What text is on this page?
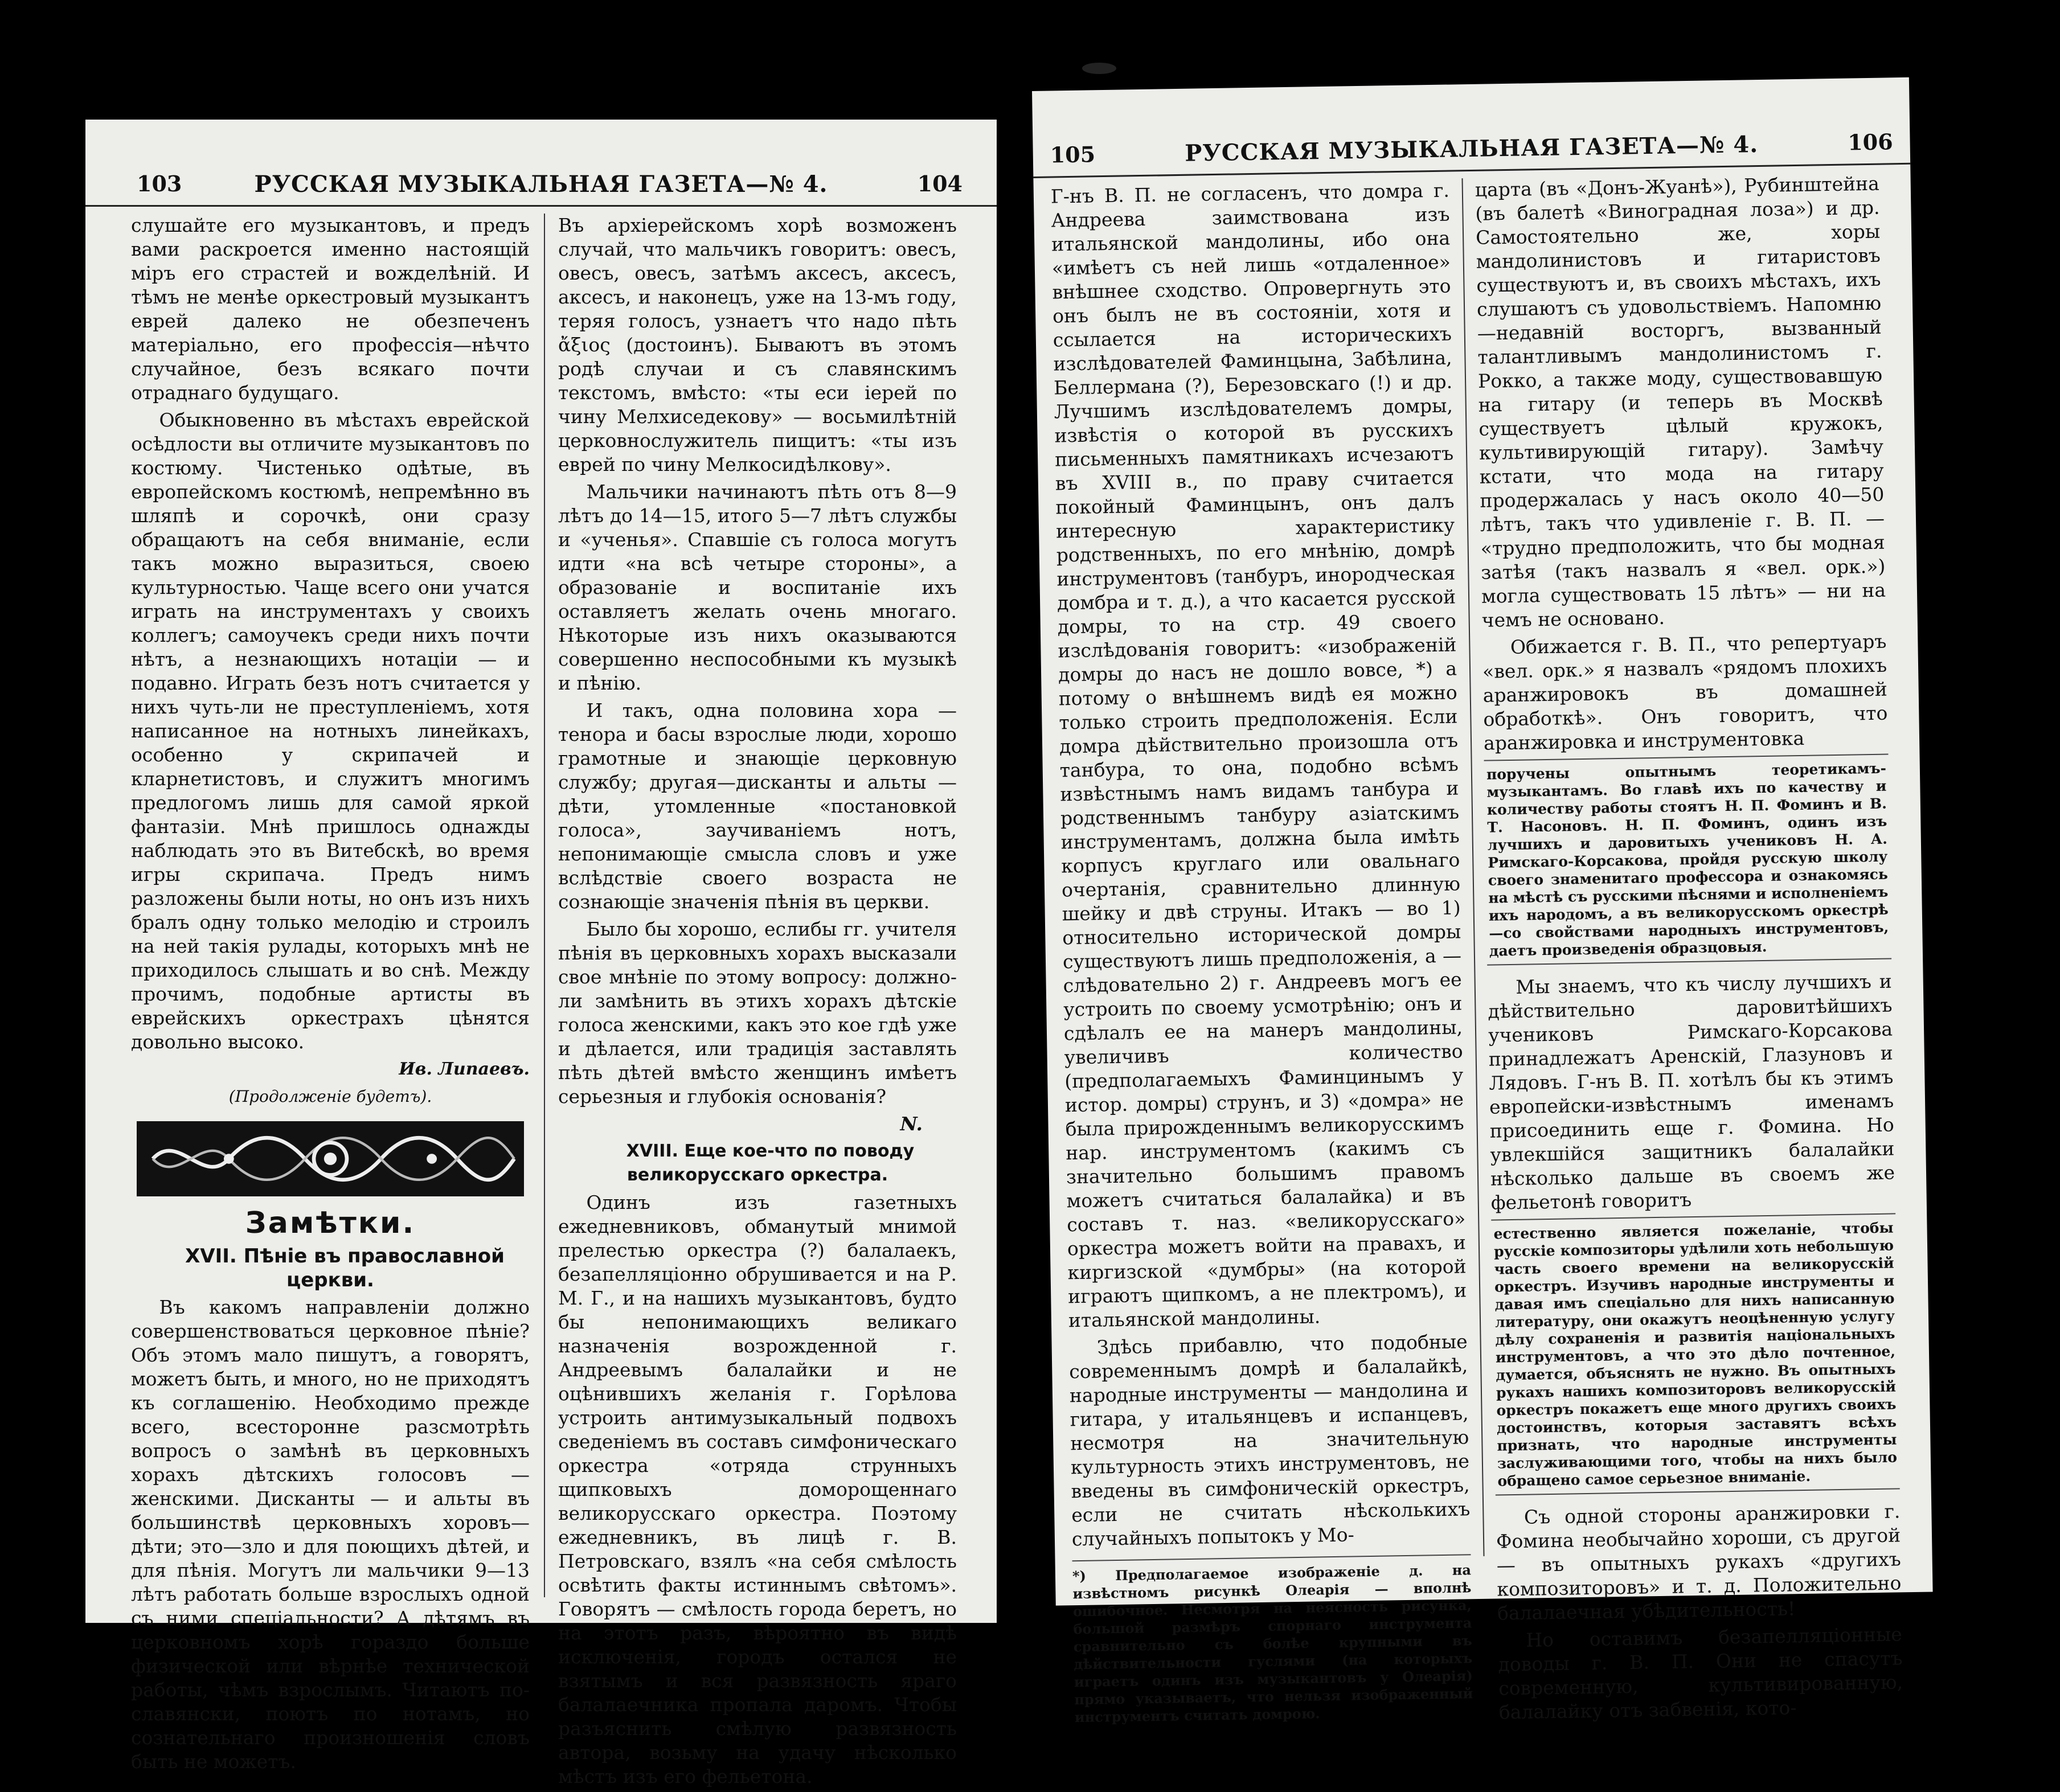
103	РУССКАЯ МУЗЫКАЛЬНАЯ ГАЗЕТА—№ 4.	104

слушайте его музыкантовъ, и предъ вами раскроется именно настоящій міръ его страстей и вожделѣній. И тѣмъ не менѣе оркестровый музыкантъ еврей далеко не обезпеченъ матеріально, его профессія—нѣчто случайное, безъ всякаго почти отраднаго будущаго.

Обыкновенно въ мѣстахъ еврейской осѣдлости вы отличите музыкантовъ по костюму. Чистенько одѣтые, въ европейскомъ костюмѣ, непремѣнно въ шляпѣ и сорочкѣ, они сразу обращаютъ на себя вниманіе, если такъ можно выразиться, своею культурностью. Чаще всего они учатся играть на инструментахъ у своихъ коллегъ; самоучекъ среди нихъ почти нѣтъ, а незнающихъ нотаціи — и подавно. Играть безъ нотъ считается у нихъ чуть-ли не преступленіемъ, хотя написанное на нотныхъ линейкахъ, особенно у скрипачей и кларнетистовъ, и служитъ многимъ предлогомъ лишь для самой яркой фантазіи. Мнѣ пришлось однажды наблюдать это въ Витебскѣ, во время игры скрипача. Предъ нимъ разложены были ноты, но онъ изъ нихъ бралъ одну только мелодію и строилъ на ней такія рулады, которыхъ мнѣ не приходилось слышать и во снѣ. Между прочимъ, подобные артисты въ еврейскихъ оркестрахъ цѣнятся довольно высоко.

Ив. Липаевъ.

(Продолженіе будетъ).
Замѣтки.

XVII. Пѣніе въ православной церкви.

Въ какомъ направленіи должно совершенствоваться церковное пѣніе? Объ этомъ мало пишутъ, а говорятъ, можетъ быть, и много, но не приходятъ къ соглашенію. Необходимо прежде всего, всесторонне разсмотрѣть вопросъ о замѣнѣ въ церковныхъ хорахъ дѣтскихъ голосовъ — женскими. Дисканты — и альты въ большинствѣ церковныхъ хоровъ—дѣти; это—зло и для поющихъ дѣтей, и для пѣнія. Могутъ ли мальчики 9—13 лѣтъ работать больше взрослыхъ одной съ ними спеціальности? А дѣтямъ въ церковномъ хорѣ гораздо больше физической или вѣрнѣе технической работы, чѣмъ взрослымъ. Читаютъ по-славянски, поютъ по нотамъ, но сознательнаго произношенія словъ быть не можетъ.

Въ архіерейскомъ хорѣ возможенъ случай, что мальчикъ говоритъ: овесъ, овесъ, овесъ, затѣмъ аксесъ, аксесъ, аксесъ, и наконецъ, уже на 13-мъ году, теряя голосъ, узнаетъ что надо пѣть ἄξιος (достоинъ). Бываютъ въ этомъ родѣ случаи и съ славянскимъ текстомъ, вмѣсто: «ты еси іерей по чину Мелхиседекову» — восьмилѣтній церковнослужитель пищитъ: «ты изъ еврей по чину Мелкосидѣлкову».

Мальчики начинаютъ пѣть отъ 8—9 лѣтъ до 14—15, итого 5—7 лѣтъ службы и «ученья». Спавшіе съ голоса могутъ идти «на всѣ четыре стороны», а образованіе и воспитаніе ихъ оставляетъ желать очень многаго. Нѣкоторые изъ нихъ оказываются совершенно неспособными къ музыкѣ и пѣнію.

И такъ, одна половина хора — тенора и басы взрослые люди, хорошо грамотные и знающіе церковную службу; другая—дисканты и альты — дѣти, утомленные «постановкой голоса», заучиваніемъ нотъ, непонимающіе смысла словъ и уже вслѣдствіе своего возраста не сознающіе значенія пѣнія въ церкви.

Было бы хорошо, еслибы гг. учителя пѣнія въ церковныхъ хорахъ высказали свое мнѣніе по этому вопросу: должно-ли замѣнить въ этихъ хорахъ дѣтскіе голоса женскими, какъ это кое гдѣ уже и дѣлается, или традиція заставлять пѣть дѣтей вмѣсто женщинъ имѣетъ серьезныя и глубокія основанія?

N.

XVIII. Еще кое-что по поводу великорусскаго оркестра.

Одинъ изъ газетныхъ ежедневниковъ, обманутый мнимой прелестью оркестра (?) балалаекъ, безапелляціонно обрушивается и на Р. М. Г., и на нашихъ музыкантовъ, будто бы непонимающихъ великаго назначенія возрожденной г. Андреевымъ балалайки и не оцѣнившихъ желанія г. Горѣлова устроить антимузыкальный подвохъ сведеніемъ въ составъ симфоническаго оркестра «отряда струнныхъ щипковыхъ доморощеннаго великорусскаго оркестра. Поэтому ежедневникъ, въ лицѣ г. В. Петровскаго, взялъ «на себя смѣлость освѣтить факты истиннымъ свѣтомъ». Говорятъ — смѣлость города беретъ, но на этотъ разъ, вѣроятно въ видѣ исключенія, городъ остался не взятымъ и вся развязность яраго балалаечника пропала даромъ. Чтобы разъяснить смѣлую развязность автора, возьму на удачу нѣсколько мѣстъ изъ его фельетона.

105	РУССКАЯ МУЗЫКАЛЬНАЯ ГАЗЕТА—№ 4.	106

Г-нъ В. П. не согласенъ, что домра г. Андреева заимствована изъ итальянской мандолины, ибо она «имѣетъ съ ней лишь «отдаленное» внѣшнее сходство. Опровергнуть это онъ былъ не въ состояніи, хотя и ссылается на историческихъ изслѣдователей Фаминцына, Забѣлина, Беллермана (?), Березовскаго (!) и др. Лучшимъ изслѣдователемъ домры, извѣстія о которой въ русскихъ письменныхъ памятникахъ исчезаютъ въ XVIII в., по праву считается покойный Фаминцынъ, онъ далъ интересную характеристику родственныхъ, по его мнѣнію, домрѣ инструментовъ (танбуръ, инородческая домбра и т. д.), а что касается русской домры, то на стр. 49 своего изслѣдованія говоритъ: «изображеній домры до насъ не дошло вовсе, *) а потому о внѣшнемъ видѣ ея можно только строить предположенія. Если домра дѣйствительно произошла отъ танбура, то она, подобно всѣмъ извѣстнымъ намъ видамъ танбура и родственнымъ танбуру азіатскимъ инструментамъ, должна была имѣть корпусъ круглаго или овальнаго очертанія, сравнительно длинную шейку и двѣ струны. Итакъ — во 1) относительно исторической домры существуютъ лишь предположенія, а — слѣдовательно 2) г. Андреевъ могъ ее устроить по своему усмотрѣнію; онъ и сдѣлалъ ее на манеръ мандолины, увеличивъ количество (предполагаемыхъ Фаминцинымъ у истор. домры) струнъ, и 3) «домра» не была прирожденнымъ великорусскимъ нар. инструментомъ (какимъ съ значительно большимъ правомъ можетъ считаться балалайка) и въ составъ т. наз. «великорусскаго» оркестра можетъ войти на правахъ, и киргизской «думбры» (на которой играютъ щипкомъ, а не плектромъ), и итальянской мандолины.

Здѣсь прибавлю, что подобные современнымъ домрѣ и балалайкѣ, народные инструменты — мандолина и гитара, у итальянцевъ и испанцевъ, несмотря на значительную культурность этихъ инструментовъ, не введены въ симфоническій оркестръ, если не считать нѣсколькихъ случайныхъ попытокъ у Мо-

*) Предполагаемое изображеніе д. на извѣстномъ рисункѣ Олеарія — вполнѣ ошибочное. Несмотря на неясность рисунка, большой размѣръ спорнаго инструмента сравнительно съ болѣе крупными въ дѣйствительности гуслями (на которыхъ играетъ одинъ изъ музыкантовъ у Олеарія) прямо указываетъ, что нельзя изображенный инструментъ считать домрою.

царта (въ «Донъ-Жуанѣ»), Рубинштейна (въ балетѣ «Виноградная лоза») и др. Самостоятельно же, хоры мандолинистовъ и гитаристовъ существуютъ и, въ своихъ мѣстахъ, ихъ слушаютъ съ удовольствіемъ. Напомню—недавній восторгъ, вызванный талантливымъ мандолинистомъ г. Рокко, а также моду, существовавшую на гитару (и теперь въ Москвѣ существуетъ цѣлый кружокъ, культивирующій гитару). Замѣчу кстати, что мода на гитару продержалась у насъ около 40—50 лѣтъ, такъ что удивленіе г. В. П. — «трудно предположить, что бы модная затѣя (такъ назвалъ я «вел. орк.») могла существовать 15 лѣтъ» — ни на чемъ не основано.

Обижается г. В. П., что репертуаръ «вел. орк.» я назвалъ «рядомъ плохихъ аранжировокъ въ домашней обработкѣ». Онъ говоритъ, что аранжировка и инструментовка

поручены опытнымъ теоретикамъ-музыкантамъ. Во главѣ ихъ по качеству и количеству работы стоятъ Н. П. Фоминъ и В. Т. Насоновъ. Н. П. Фоминъ, одинъ изъ лучшихъ и даровитыхъ учениковъ Н. А. Римскаго-Корсакова, пройдя русскую школу своего знаменитаго профессора и ознакомясь на мѣстѣ съ русскими пѣснями и исполненіемъ ихъ народомъ, а въ великорусскомъ оркестрѣ—со свойствами народныхъ инструментовъ, даетъ произведенія образцовыя.

Мы знаемъ, что къ числу лучшихъ и дѣйствительно даровитѣйшихъ учениковъ Римскаго-Корсакова принадлежатъ Аренскій, Глазуновъ и Лядовъ. Г-нъ В. П. хотѣлъ бы къ этимъ европейски-извѣстнымъ именамъ присоединить еще г. Фомина. Но увлекшійся защитникъ балалайки нѣсколько дальше въ своемъ же фельетонѣ говоритъ

естественно является пожеланіе, чтобы русскіе композиторы удѣлили хоть небольшую часть своего времени на великорусскій оркестръ. Изучивъ народные инструменты и давая имъ спеціально для нихъ написанную литературу, они окажутъ неоцѣненную услугу дѣлу сохраненія и развитія національныхъ инструментовъ, а что это дѣло почтенное, думается, объяснять не нужно. Въ опытныхъ рукахъ нашихъ композиторовъ великорусскій оркестръ покажетъ еще много другихъ своихъ достоинствъ, которыя заставятъ всѣхъ признать, что народные инструменты заслуживающими того, чтобы на нихъ было обращено самое серьезное вниманіе.

Съ одной стороны аранжировки г. Фомина необычайно хороши, съ другой — въ опытныхъ рукахъ «другихъ композиторовъ» и т. д. Положительно балалаечная убѣдительность!

Но оставимъ безапелляціонные доводы г. В. П. Они не спасутъ современную, культивированную, балалайку отъ забвенія, кото-
